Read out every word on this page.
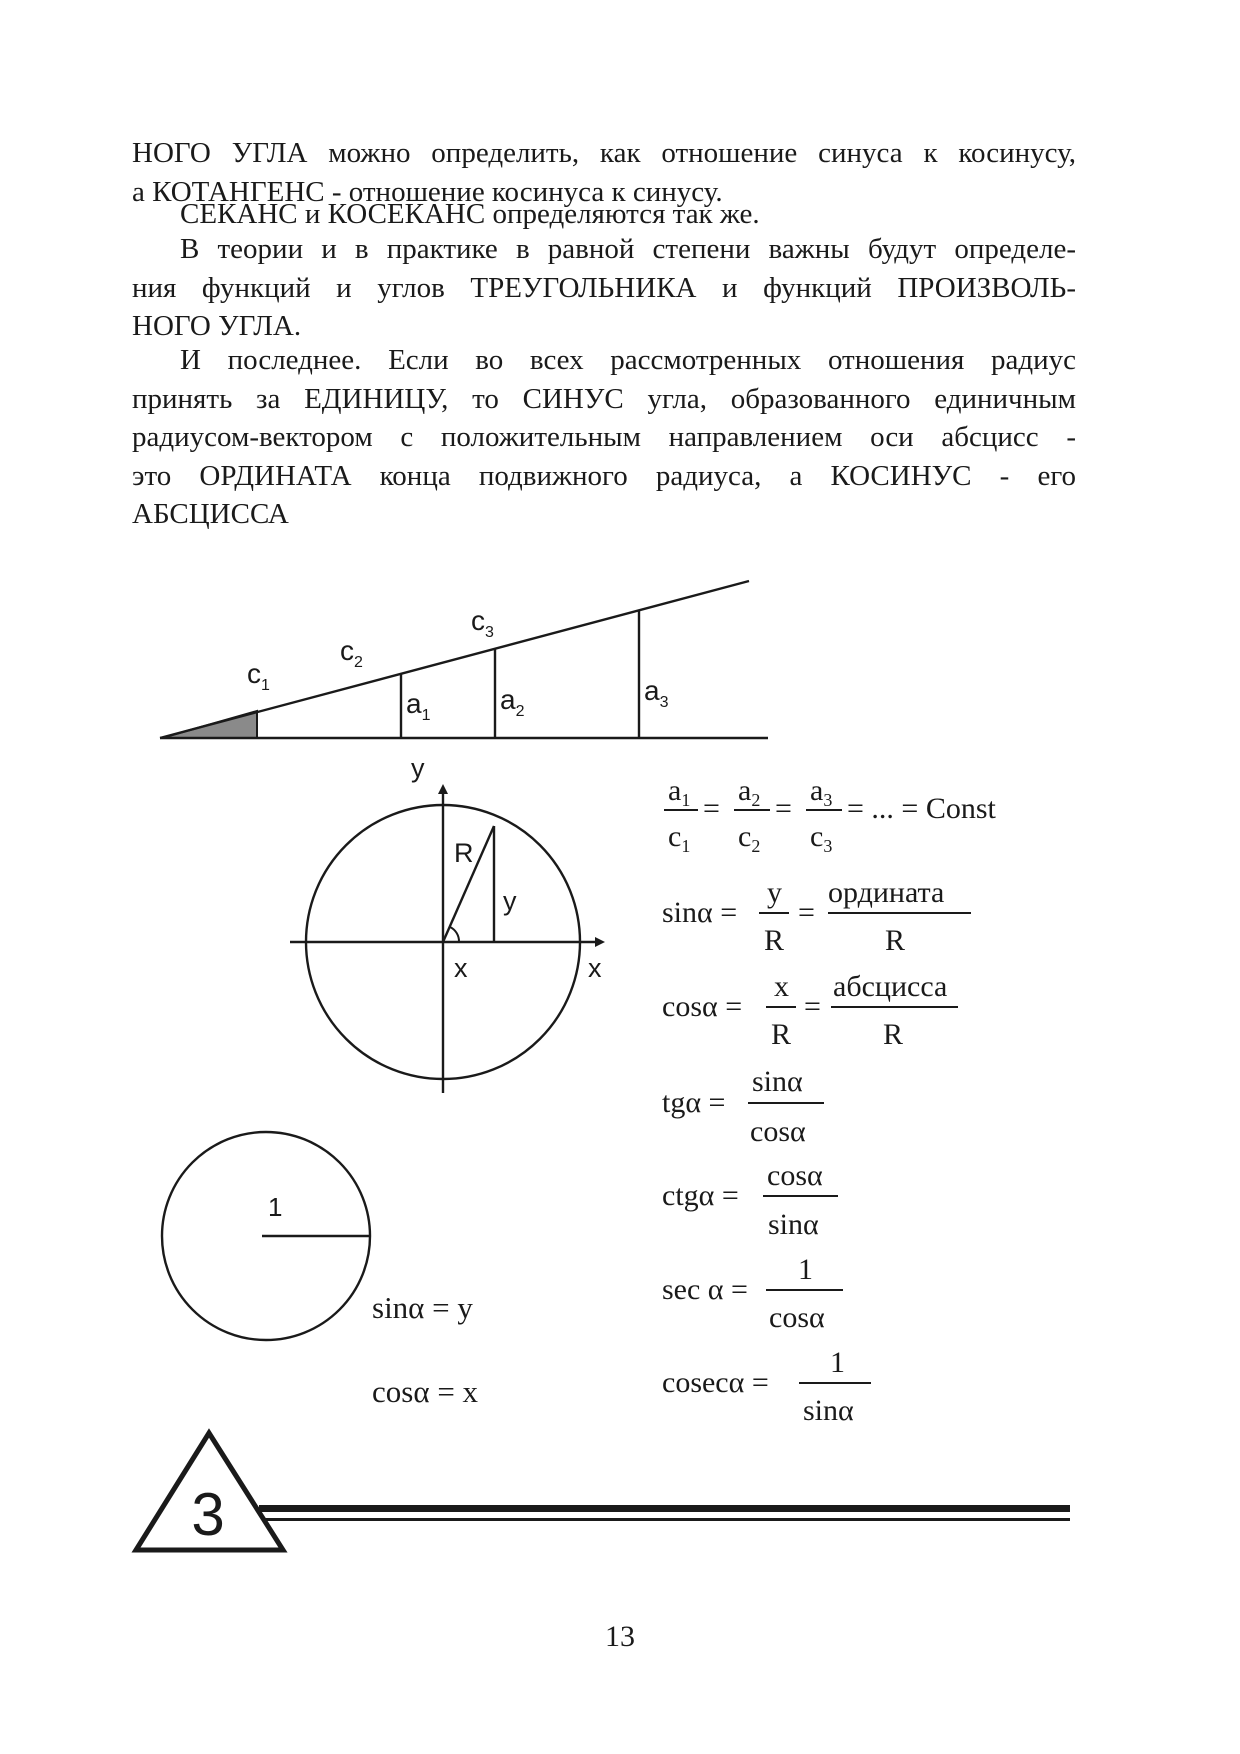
НОГО УГЛА можно определить, как отношение синуса к косинусу,
а КОТАНГЕНС - отношение косинуса к синусу.

СЕКАНС и КОСЕКАНС определяются так же.

В теории и в практике в равной степени важны будут определе-
ния функций и углов ТРЕУГОЛЬНИКА и функций ПРОИЗВОЛЬ-
НОГО УГЛА.

И последнее. Если во всех рассмотренных отношения радиус
принять за ЕДИНИЦУ, то СИНУС угла, образованного единичным
радиусом-вектором с положительным направлением оси абсцисс -
это ОРДИНАТА конца подвижного радиуса, а КОСИНУС - его
АБСЦИССА

$c_1$
$c_2$
$c_3$
$a_1$
$a_2$
$a_3$
y
x
R
y
x
1
sinα = y
cosα = x
$a_1$
$c_1$
=
$a_2$
$c_2$
=
$a_3$
$c_3$
= ... = Const
sinα =
y
R
=
ордината
R
cosα =
x
R
=
абсцисса
R
tgα =
sinα
cosα
ctgα =
cosα
sinα
sec α =
1
cosα
cosecα =
1
sinα
3
13
